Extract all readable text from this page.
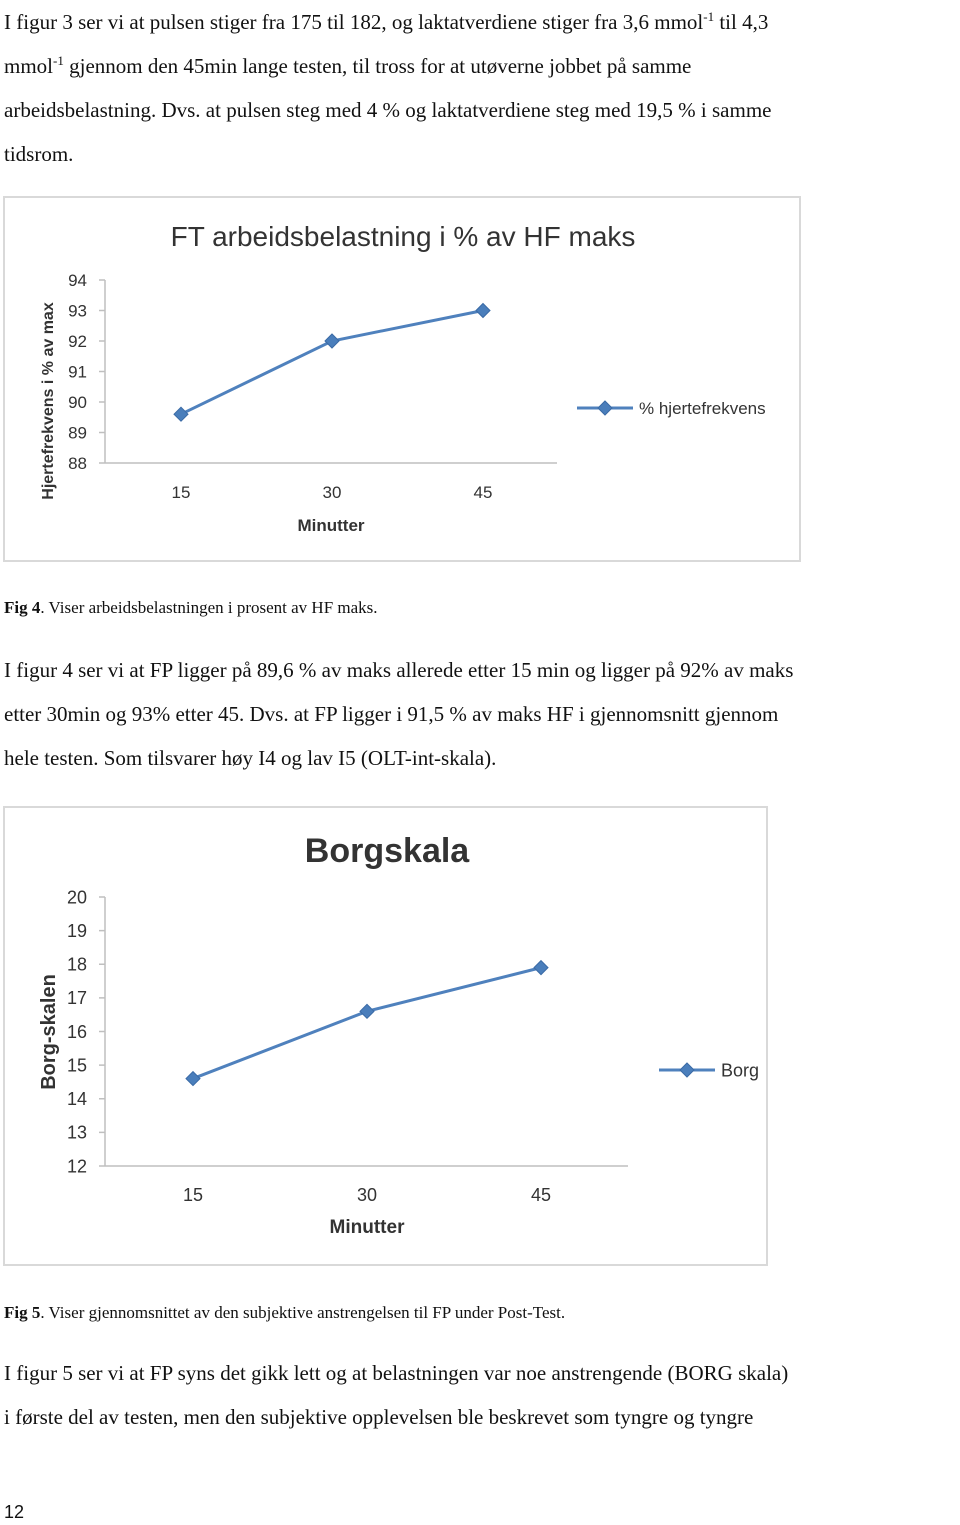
I figur 3 ser vi at pulsen stiger fra 175 til 182, og laktatverdiene stiger fra 3,6 mmol$^{-1}$ til 4,3
mmol$^{-1}$ gjennom den 45min lange testen, til tross for at utøverne jobbet på samme
arbeidsbelastning. Dvs. at pulsen steg med 4 % og laktatverdiene steg med 19,5 % i samme
tidsrom.

FT arbeidsbelastning i % av HF maks
Hjertefrekvens i % av max
Minutter
88
89
90
91
92
93
94
15	30	45
% hjertefrekvens

Fig 4. Viser arbeidsbelastningen i prosent av HF maks.

I figur 4 ser vi at FP ligger på 89,6 % av maks allerede etter 15 min og ligger på 92% av maks
etter 30min og 93% etter 45. Dvs. at FP ligger i 91,5 % av maks HF i gjennomsnitt gjennom
hele testen. Som tilsvarer høy I4 og lav I5 (OLT-int-skala).

Borgskala
Borg-skalen
Minutter
12
13
14
15
16
17
18
19
20
15	30	45
Borg

Fig 5. Viser gjennomsnittet av den subjektive anstrengelsen til FP under Post-Test.

I figur 5 ser vi at FP syns det gikk lett og at belastningen var noe anstrengende (BORG skala)
i første del av testen, men den subjektive opplevelsen ble beskrevet som tyngre og tyngre

12
